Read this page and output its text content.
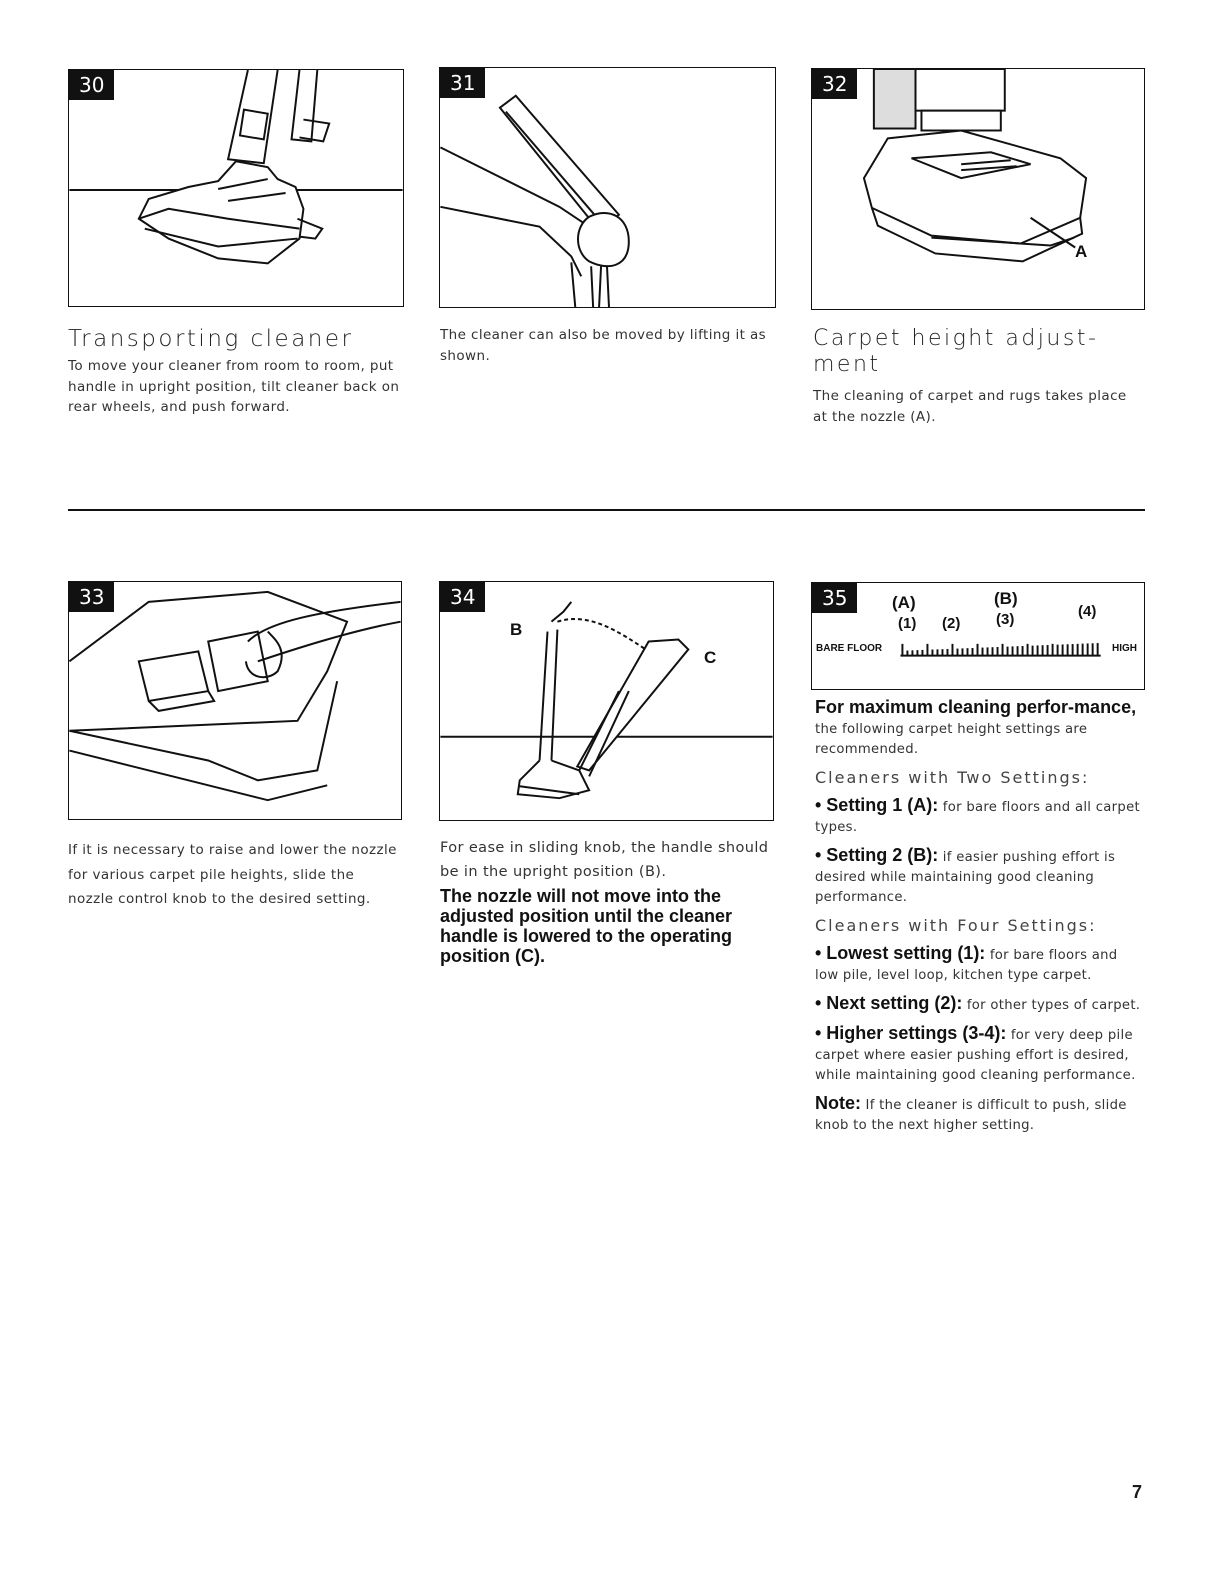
30	31	32
A
Transporting cleaner
To move your cleaner from room to room, put handle in upright position, tilt cleaner back on rear wheels, and push forward.
The cleaner can also be moved by lifting it as shown.
Carpet height adjust-ment
The cleaning of carpet and rugs takes place at the nozzle (A).
33	34
B
C
35	(A)	(B)
(1) (2) (3)	(4)
BARE FLOOR	HIGH
If it is necessary to raise and lower the nozzle for various carpet pile heights, slide the nozzle control knob to the desired setting.
For ease in sliding knob, the handle should be in the upright position (B).
The nozzle will not move into the adjusted position until the cleaner handle is lowered to the operating position (C).

For maximum cleaning perfor-mance, the following carpet height settings are recommended.

Cleaners with Two Settings:

• Setting 1 (A): for bare floors and all carpet types.

• Setting 2 (B): if easier pushing effort is desired while maintaining good cleaning performance.

Cleaners with Four Settings:

• Lowest setting (1): for bare floors and low pile, level loop, kitchen type carpet.

• Next setting (2): for other types of carpet.

• Higher settings (3-4): for very deep pile carpet where easier pushing effort is desired, while maintaining good cleaning performance.

Note: If the cleaner is difficult to push, slide knob to the next higher setting.

7
